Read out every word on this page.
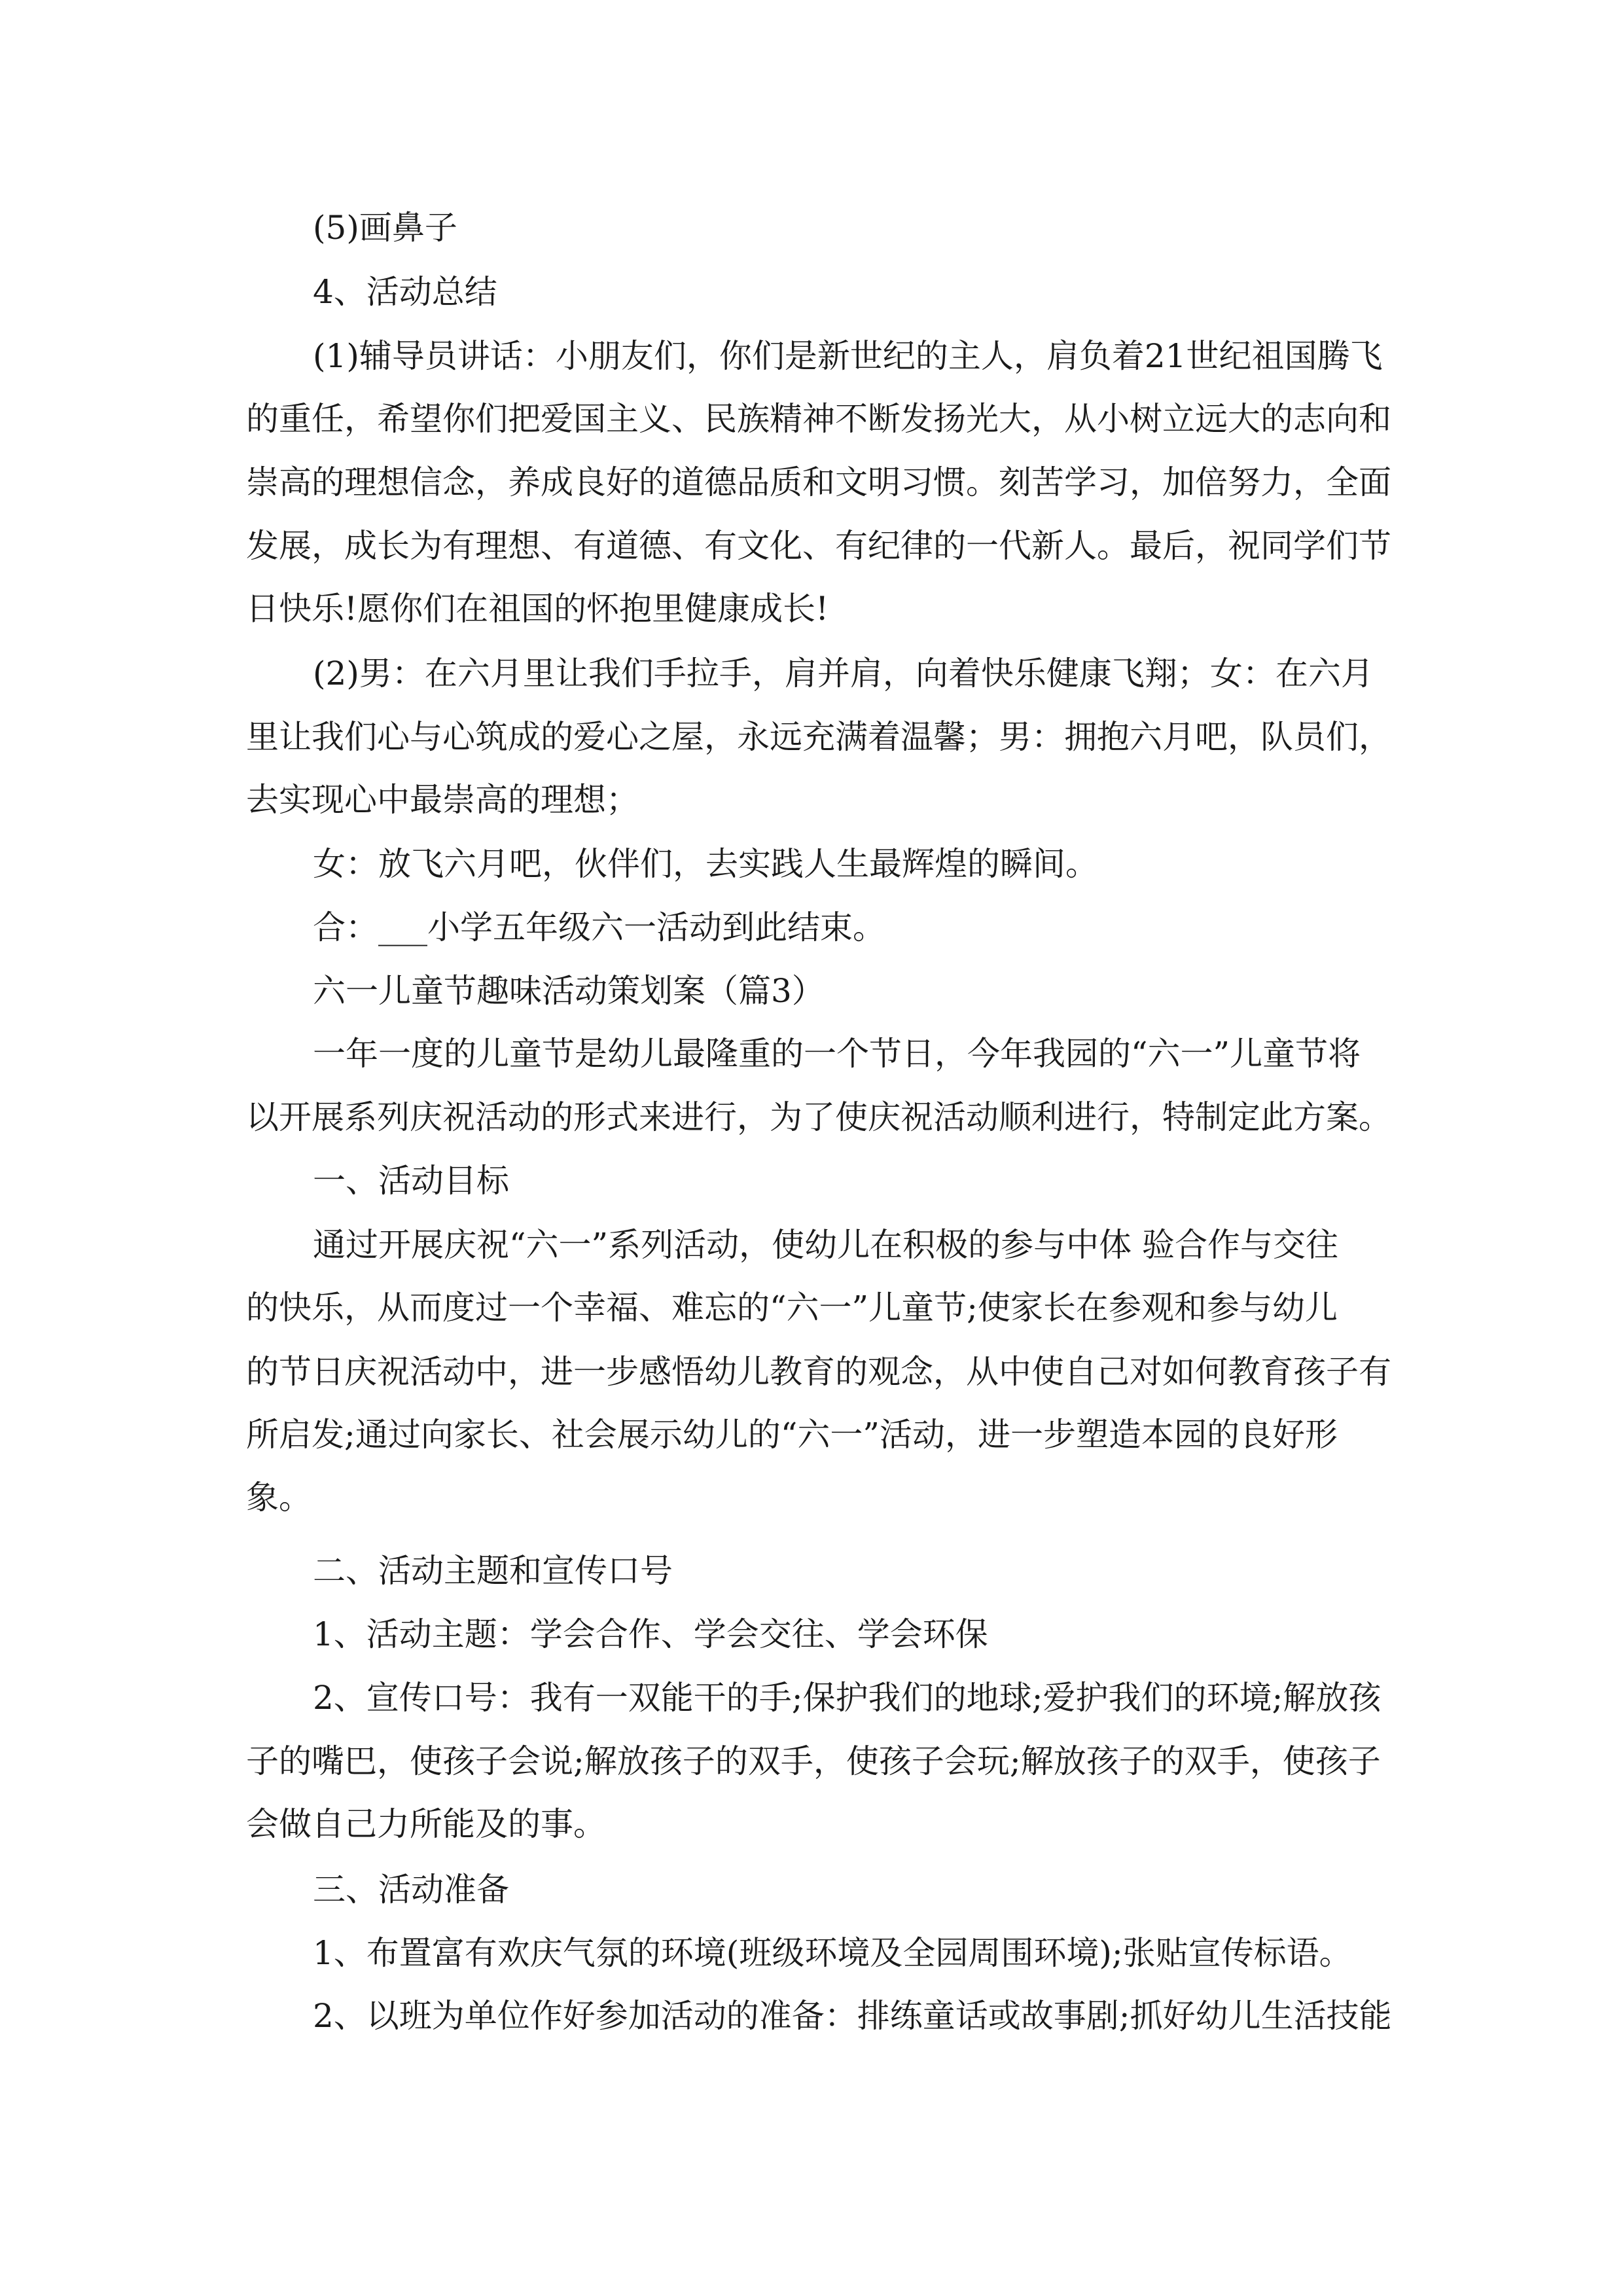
(5)画鼻子

4、活动总结

(1)辅导员讲话：小朋友们，你们是新世纪的主人，肩负着21世纪祖国腾飞

的重任，希望你们把爱国主义、民族精神不断发扬光大，从小树立远大的志向和

崇高的理想信念，养成良好的道德品质和文明习惯。刻苦学习，加倍努力，全面

发展，成长为有理想、有道德、有文化、有纪律的一代新人。最后，祝同学们节

日快乐!愿你们在祖国的怀抱里健康成长!

(2)男：在六月里让我们手拉手，肩并肩，向着快乐健康飞翔；女：在六月

里让我们心与心筑成的爱心之屋，永远充满着温馨；男：拥抱六月吧，队员们，

去实现心中最崇高的理想；

女：放飞六月吧，伙伴们，去实践人生最辉煌的瞬间。

合：___小学五年级六一活动到此结束。

六一儿童节趣味活动策划案（篇3）

一年一度的儿童节是幼儿最隆重的一个节日，今年我园的“六一”儿童节将

以开展系列庆祝活动的形式来进行，为了使庆祝活动顺利进行，特制定此方案。

一、活动目标

通过开展庆祝“六一”系列活动，使幼儿在积极的参与中体 验合作与交往

的快乐，从而度过一个幸福、难忘的“六一”儿童节;使家长在参观和参与幼儿

的节日庆祝活动中，进一步感悟幼儿教育的观念，从中使自己对如何教育孩子有

所启发;通过向家长、社会展示幼儿的“六一”活动，进一步塑造本园的良好形

象。

二、活动主题和宣传口号

1、活动主题：学会合作、学会交往、学会环保

2、宣传口号：我有一双能干的手;保护我们的地球;爱护我们的环境;解放孩

子的嘴巴，使孩子会说;解放孩子的双手，使孩子会玩;解放孩子的双手，使孩子

会做自己力所能及的事。

三、活动准备

1、布置富有欢庆气氛的环境(班级环境及全园周围环境);张贴宣传标语。

2、以班为单位作好参加活动的准备：排练童话或故事剧;抓好幼儿生活技能
